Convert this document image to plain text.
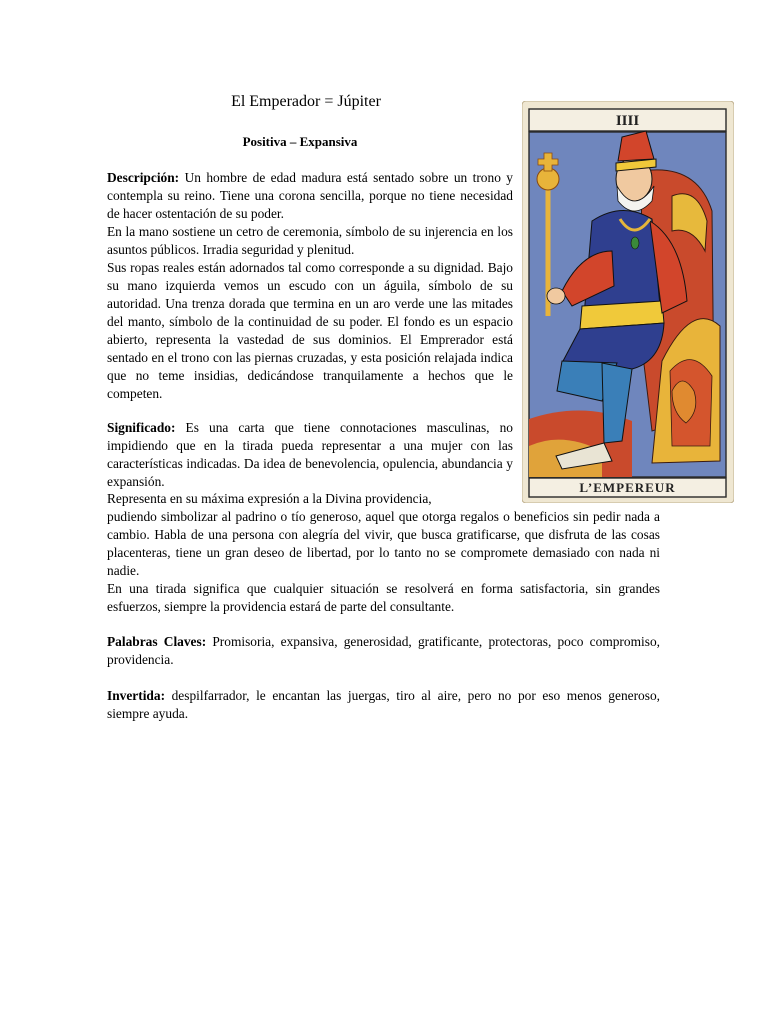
El Emperador = Júpiter
Positiva – Expansiva

Descripción: Un hombre de edad madura está sentado sobre un trono y contempla su reino. Tiene una corona sencilla, porque no tiene necesidad de hacer ostentación de su poder.

En la mano sostiene un cetro de ceremonia, símbolo de su injerencia en los asuntos públicos. Irradia seguridad y plenitud.

Sus ropas reales están adornados tal como corresponde a su dignidad. Bajo su mano izquierda vemos un escudo con un águila, símbolo de su autoridad. Una trenza dorada que termina en un aro verde une las mitades del manto, símbolo de la continuidad de su poder. El fondo es un espacio abierto, representa la vastedad de sus dominios. El Emprerador está sentado en el trono con las piernas cruzadas, y esta posición relajada indica que no teme insidias, dedicándose tranquilamente a hechos que le competen.

Significado: Es una carta que tiene connotaciones masculinas, no impidiendo que en la tirada pueda representar a una mujer con las características indicadas. Da idea de benevolencia, opulencia, abundancia y expansión.

Representa en su máxima expresión a la Divina providencia,

pudiendo simbolizar al padrino o tío generoso, aquel que otorga regalos o beneficios sin pedir nada a cambio. Habla de una persona con alegría del vivir, que busca gratificarse, que disfruta de las cosas placenteras, tiene un gran deseo de libertad, por lo tanto no se compromete demasiado con nada ni nadie.

En una tirada significa que cualquier situación se resolverá en forma satisfactoria, sin grandes esfuerzos, siempre la providencia estará de parte del consultante.

Palabras Claves: Promisoria, expansiva, generosidad, gratificante, protectoras, poco compromiso, providencia.

Invertida: despilfarrador, le encantan las juergas, tiro al aire, pero no por eso menos generoso, siempre ayuda.

IIII
L’EMPEREUR
